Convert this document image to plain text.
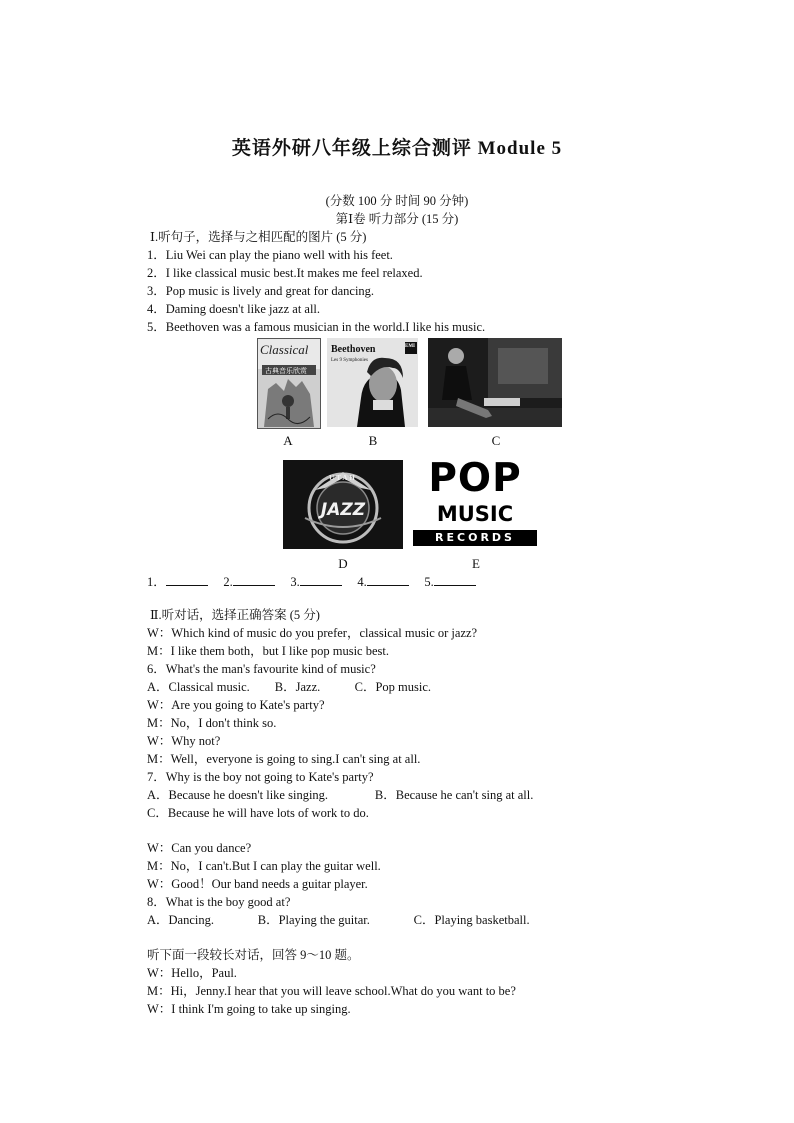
英语外研八年级上综合测评 Module 5
(分数 100 分 时间 90 分钟)
第Ⅰ卷 听力部分 (15 分)
Ⅰ.听句子，选择与之相匹配的图片 (5 分)
1．Liu Wei can play the piano well with his feet.
2．I like classical music best.It makes me feel relaxed.
3．Pop music is lively and great for dancing.
4．Daming doesn't like jazz at all.
5．Beethoven was a famous musician in the world.I like his music.
Classical
古典音乐欣赏
A
Beethoven
Les 9 Symphonies
EMI
B	C
UTAH
JAZZ
D
POP
MUSIC
RECORDS
E
1．	2.	3.	4.	5.
Ⅱ.听对话，选择正确答案 (5 分)
W：Which kind of music do you prefer，classical music or jazz?
M：I like them both，but I like pop music best.
6．What's the man's favourite kind of music?
A．Classical music.        B．Jazz.           C．Pop music.
W：Are you going to Kate's party?
M：No，I don't think so.
W：Why not?
M：Well，everyone is going to sing.I can't sing at all.
7．Why is the boy not going to Kate's party?
A．Because he doesn't like singing.               B．Because he can't sing at all.
C．Because he will have lots of work to do.
W：Can you dance?
M：No，I can't.But I can play the guitar well.
W：Good！Our band needs a guitar player.
8．What is the boy good at?
A．Dancing.              B．Playing the guitar.              C．Playing basketball.
听下面一段较长对话，回答 9～10 题。
W：Hello，Paul.
M：Hi，Jenny.I hear that you will leave school.What do you want to be?
W：I think I'm going to take up singing.
